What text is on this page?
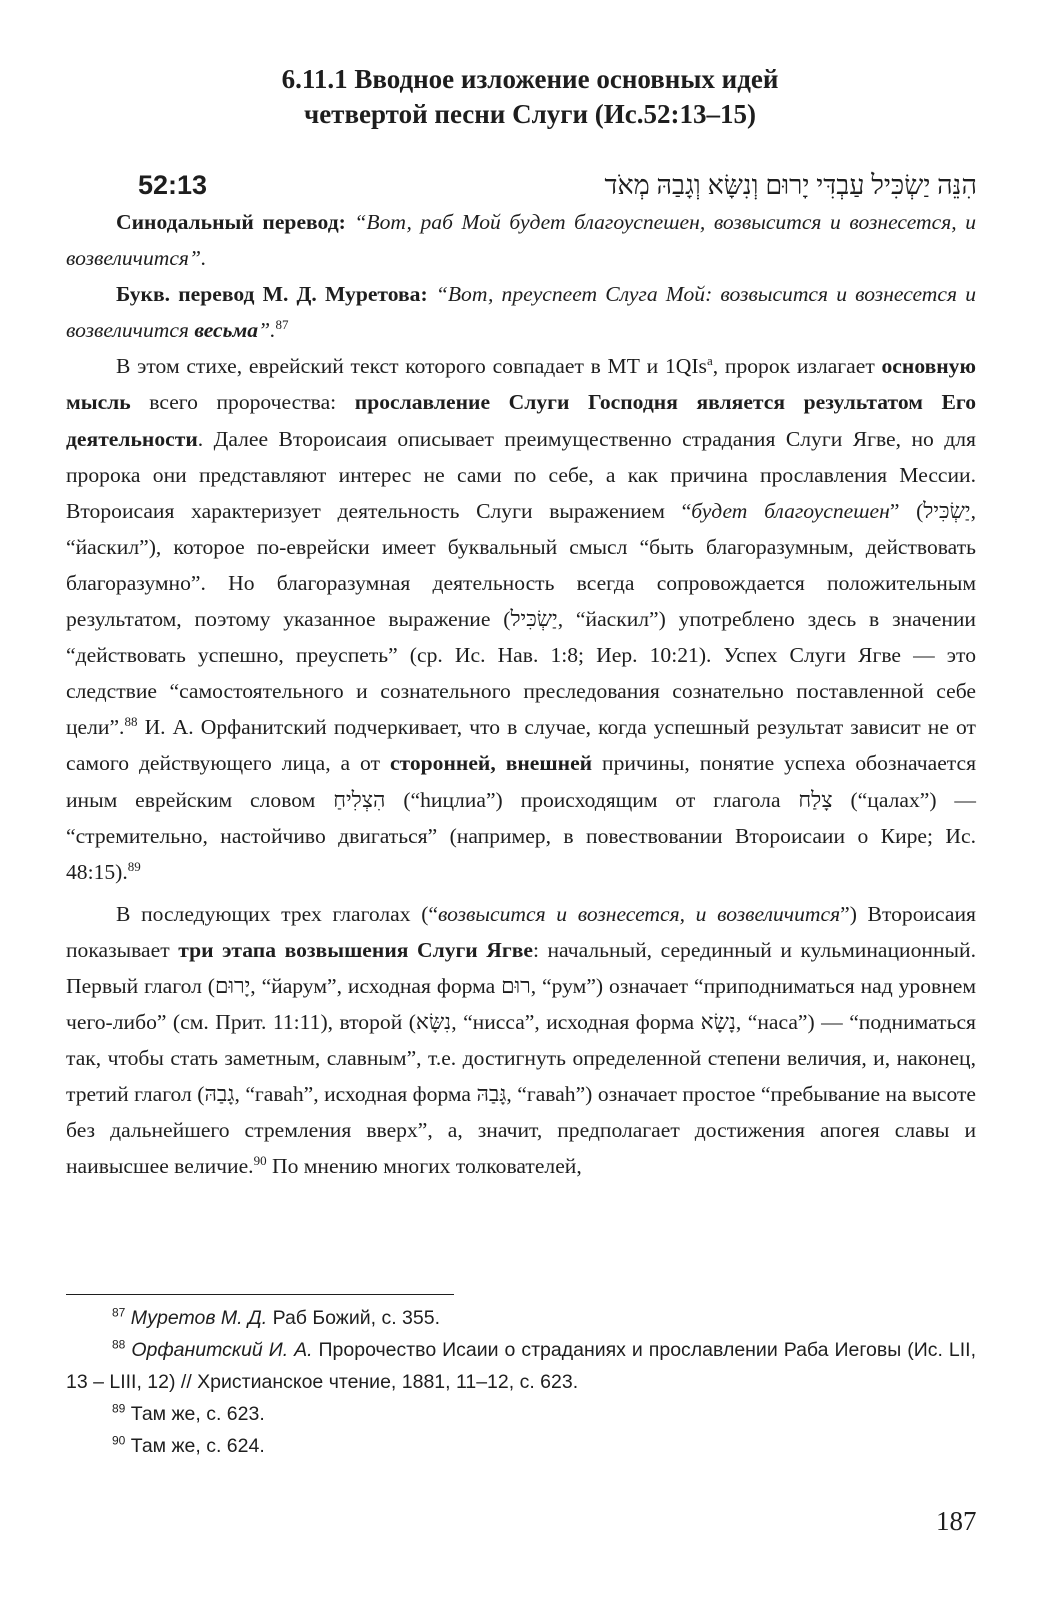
6.11.1 Вводное изложение основных идей
четвертой песни Слуги (Ис.52:13–15)
52:13	הִנֵּה יַשְׂכִּיל עַבְדִּי יָרוּם וְנִשָּׂא וְגָבַהּ מְאֹד

Синодальный перевод: “Вот, раб Мой будет благоуспешен, возвысится и вознесется, и возвеличится”.

Букв. перевод М. Д. Муретова: “Вот, преуспеет Слуга Мой: возвысится и вознесется и возвеличится весьма”.$^{87}$

В этом стихе, еврейский текст которого совпадает в МТ и 1QIs$^a$, пророк излагает основную мысль всего пророчества: прославление Слуги Господня является результатом Его деятельности. Далее Второисаия описывает преимущественно страдания Слуги Ягве, но для пророка они представляют интерес не сами по себе, а как причина прославления Мессии. Второисаия характеризует деятельность Слуги выражением “будет благоуспешен” (יַשְׂכִּיל, “йаскил”), которое по-еврейски имеет буквальный смысл “быть благоразумным, действовать благоразумно”. Но благоразумная деятельность всегда сопровождается положительным результатом, поэтому указанное выражение (יַשְׂכִּיל, “йаскил”) употреблено здесь в значении “действовать успешно, преуспеть” (ср. Ис. Нав. 1:8; Иер. 10:21). Успех Слуги Ягве — это следствие “самостоятельного и сознательного преследования сознательно поставленной себе цели”.$^{88}$ И. А. Орфанитский подчеркивает, что в случае, когда успешный результат зависит не от самого действующего лица, а от сторонней, внешней причины, понятие успеха обозначается иным еврейским словом הִצְלִיחַ (“һицлиа”) происходящим от глагола צָלַח (“цалах”) — “стремительно, настойчиво двигаться” (например, в повествовании Второисаии о Кире; Ис. 48:15).$^{89}$

В последующих трех глаголах (“возвысится и вознесется, и возвеличится”) Второисаия показывает три этапа возвышения Слуги Ягве: начальный, серединный и кульминационный. Первый глагол (יָרוּם, “йарум”, исходная форма רוּם, “рум”) означает “приподниматься над уровнем чего-либо” (см. Прит. 11:11), второй (נִשָּׂא, “нисса”, исходная форма נָשָׂא, “наса”) — “подниматься так, чтобы стать заметным, славным”, т.е. достигнуть определенной степени величия, и, наконец, третий глагол (גָבַהּ, “гаваһ”, исходная форма גָּבַהּ, “гаваһ”) означает простое “пребывание на высоте без дальнейшего стремления вверх”, а, значит, предполагает достижения апогея славы и наивысшее величие.$^{90}$ По мнению многих толкователей,

$^{87}$ Муретов М. Д. Раб Божий, с. 355.

$^{88}$ Орфанитский И. А. Пророчество Исаии о страданиях и прославлении Раба Иеговы (Ис. LII, 13 – LIII, 12) // Христианское чтение, 1881, 11–12, с. 623.

$^{89}$ Там же, с. 623.

$^{90}$ Там же, с. 624.

187
